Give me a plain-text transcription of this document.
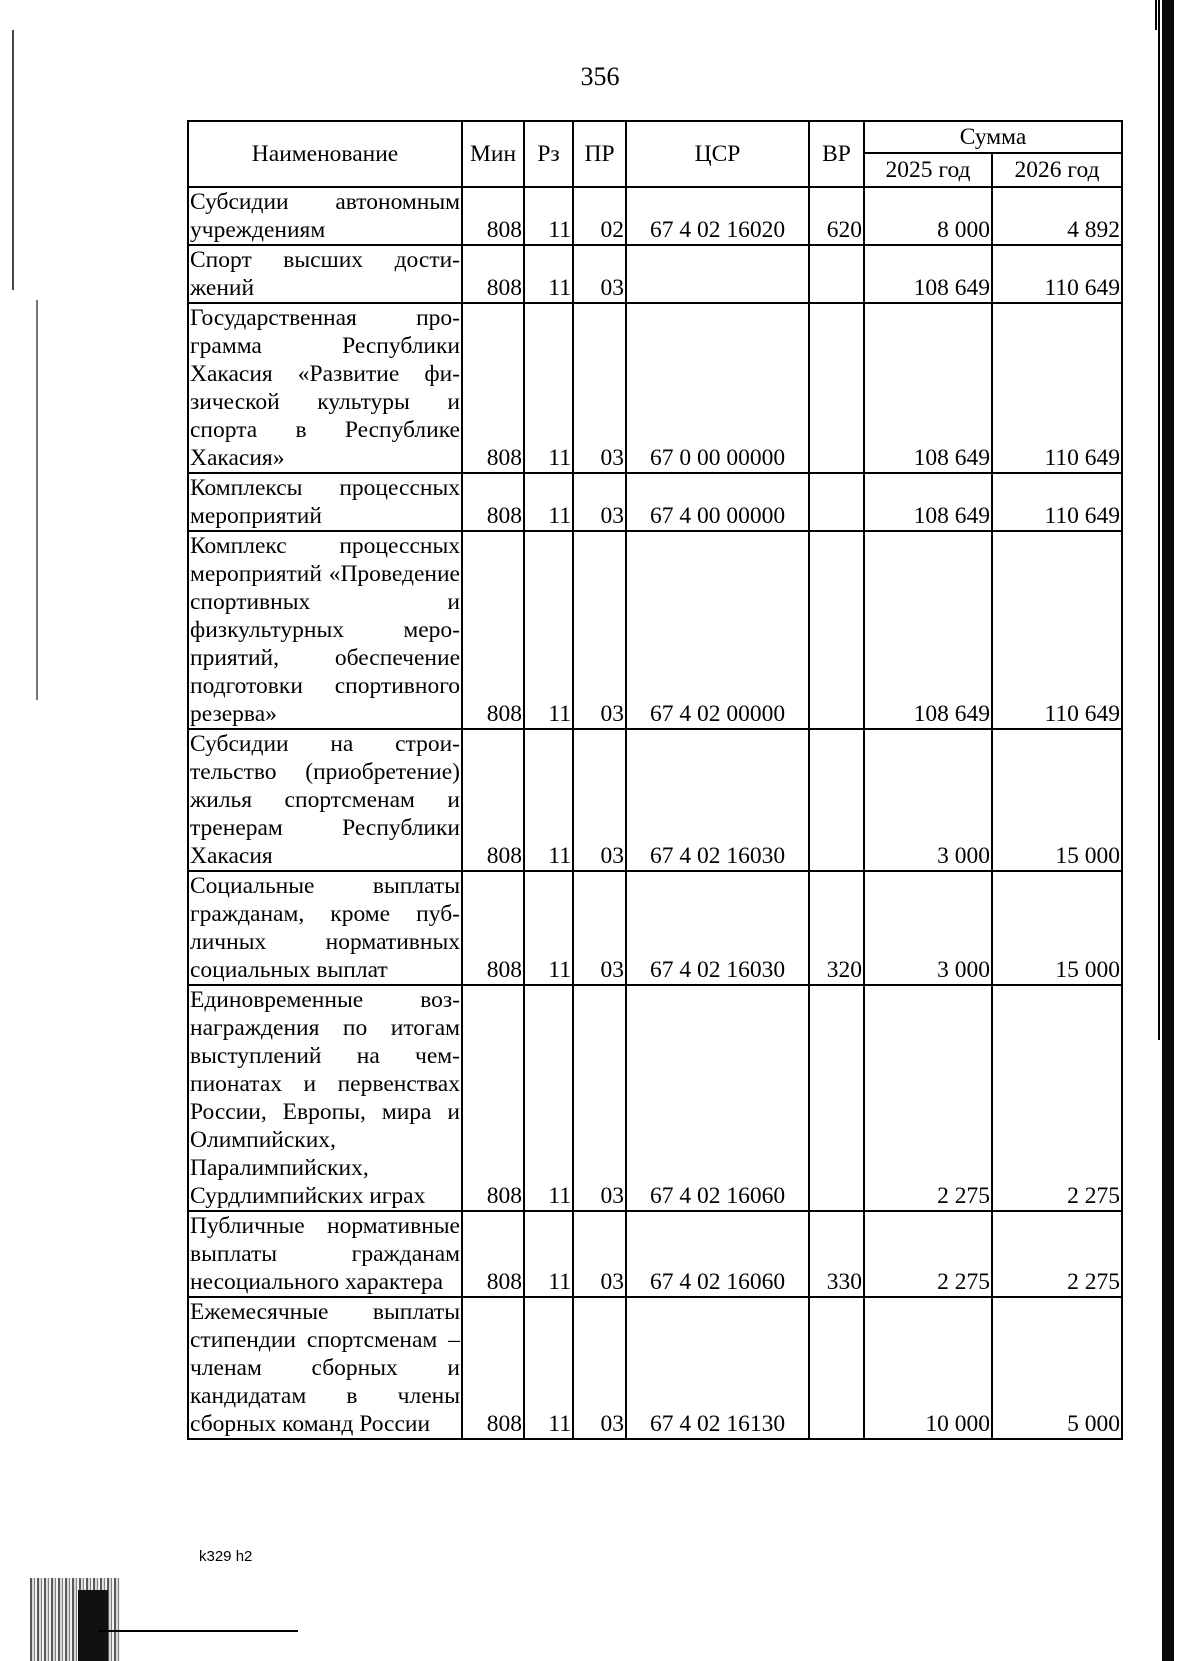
356
Наименование	Мин	Рз	ПР	ЦСР	ВР	Сумма	
						2025 год	2026 год
Субсидии автономным учреждениям	808	11	02	67 4 02 16020	620	8 000	4 892
Спорт высших достижений	808	11	03			108 649	110 649
Государственная программа Республики Хакасия «Развитие физической культуры и спорта в Республике Хакасия»	808	11	03	67 0 00 00000		108 649	110 649
Комплексы процессных мероприятий	808	11	03	67 4 00 00000		108 649	110 649
Комплекс процессных мероприятий «Проведение спортивных и физкультурных мероприятий, обеспечение подготовки спортивного резерва»	808	11	03	67 4 02 00000		108 649	110 649
Субсидии на строительство (приобретение) жилья спортсменам и тренерам Республики Хакасия	808	11	03	67 4 02 16030		3 000	15 000
Социальные выплаты гражданам, кроме публичных нормативных социальных выплат	808	11	03	67 4 02 16030	320	3 000	15 000
Единовременные вознаграждения по итогам выступлений на чемпионатах и первенствах России, Европы, мира и Олимпийских, Паралимпийских, Сурдлимпийских играх	808	11	03	67 4 02 16060		2 275	2 275
Публичные нормативные выплаты гражданам несоциального характера	808	11	03	67 4 02 16060	330	2 275	2 275
Ежемесячные выплаты стипендии спортсменам – членам сборных и кандидатам в члены сборных команд России	808	11	03	67 4 02 16130		10 000	5 000
k329 h2
